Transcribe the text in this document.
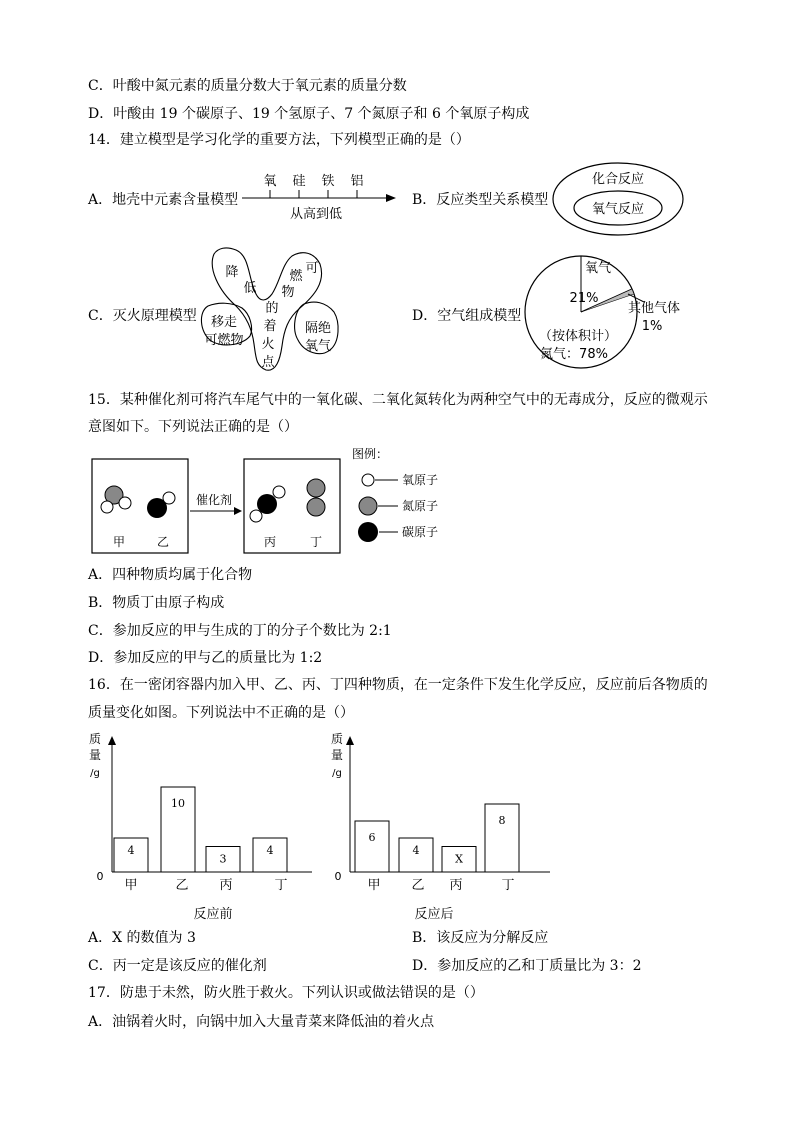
C．叶酸中氮元素的质量分数大于氧元素的质量分数
D．叶酸由 19 个碳原子、19 个氢原子、7 个氮原子和 6 个氧原子构成
14．建立模型是学习化学的重要方法，下列模型正确的是（）
A．地壳中元素含量模型
氧 硅 铁 铝
从高到低
B．反应类型关系模型
化合反应
氧气反应
C．灭火原理模型
降
低
可
燃
物
的
着
火
点
移走
可燃物
隔绝
氧气
D．空气组成模型
氧气
21%
其他气体
1%
（按体积计）
氮气：78%
15．某种催化剂可将汽车尾气中的一氧化碳、二氧化氮转化为两种空气中的无毒成分，反应的微观示
意图如下。下列说法正确的是（）
催化剂
甲	乙	丙	丁
图例：
氧原子
氮原子
碳原子
A．四种物质均属于化合物
B．物质丁由原子构成
C．参加反应的甲与生成的丁的分子个数比为 2:1
D．参加反应的甲与乙的质量比为 1:2
16．在一密闭容器内加入甲、乙、丙、丁四种物质，在一定条件下发生化学反应，反应前后各物质的
质量变化如图。下列说法中不正确的是（）
质
量
/g
0
4
甲
10
乙
3
丙
4
丁
反应前
质
量
/g
0
6
甲
4
乙
X
丙
8
丁
反应后
A．X 的数值为 3	B．该反应为分解反应
C．丙一定是该反应的催化剂	D．参加反应的乙和丁质量比为 3：2
17．防患于未然，防火胜于救火。下列认识或做法错误的是（）
A．油锅着火时，向锅中加入大量青菜来降低油的着火点
